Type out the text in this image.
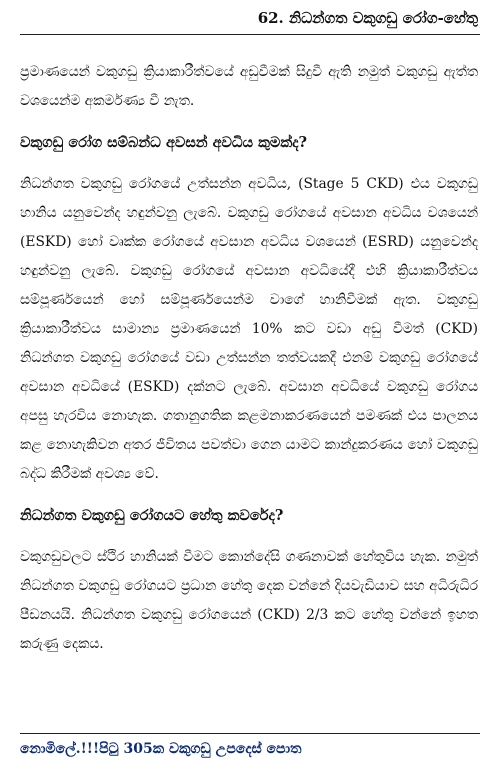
62. නිධන්ගත වකුගඩු රෝග-හේතු

ප්‍රමාණයෙන් වකුගඩු ක්‍රියාකාරීත්වයේ අඩුවීමක් සිදුවී ඇති නමුත් වකුගඩු ඇත්ත වශයෙන්ම අකර්මණ්‍ය වී නැත.

වකුගඩු රෝග සම්බන්ධ අවසන් අවධිය කුමක්ද?

නිධන්ගත වකුගඩු රෝගයේ උත්සන්න අවධිය, (Stage 5 CKD) එය වකුගඩු හානිය යනුවෙන්ද හඳුන්වනු ලැබේ. වකුගඩු රෝගයේ අවසාන අවධිය වශයෙන් (ESKD) හෝ වෘක්ක රෝගයේ අවසාන අවධිය වශයෙන් (ESRD) යනුවෙන්ද හඳුන්වනු ලැබේ. වකුගඩු රෝගයේ අවසාන අවධියේදී එහි ක්‍රියාකාරීත්වය සම්පූර්ණයෙන් හෝ සම්පූර්ණයෙන්ම වාගේ හානිවීමක් ඇත. වකුගඩු ක්‍රියාකාරීත්වය සාමාන්‍ය ප්‍රමාණයෙන් 10% කට වඩා අඩු වීමත් (CKD) නිධන්ගත වකුගඩු රෝගයේ වඩා උත්සන්න තත්වයකදී එනම් වකුගඩු රෝගයේ අවසාන අවධියේ (ESKD) දක්නට ලැබේ. අවසාන අවධියේ වකුගඩු රෝගය අපසු හැරවිය නොහැක. ගතානුගතික කළමනාකරණයෙන් පමණක් එය පාලනය කළ නොහැකිවන අතර ජීවිතය පවත්වා ගෙන යාමට කාන්දුකරණය හෝ වකුගඩු බද්ධ කිරීමක් අවශ්‍ය වේ.

නිධන්ගත වකුගඩු රෝගයට හේතු කවරේද?

වකුගඩුවලට ස්ථිර හානියක් වීමට කොන්දේසි ගණනාවක් හේතුවිය හැක. නමුත් නිධන්ගත වකුගඩු රෝගයට ප්‍රධාන හේතු දෙක වන්නේ දියවැඩියාව සහ අධිරුධිර පීඩනයයි. නිධන්ගත වකුගඩු රෝගයෙන් (CKD) 2/3 කට හේතු වන්නේ ඉහත කරුණු දෙකය.

නොමිලේ.!!!පිටු 305ක වකුගඩු උපදෙස් පොත
